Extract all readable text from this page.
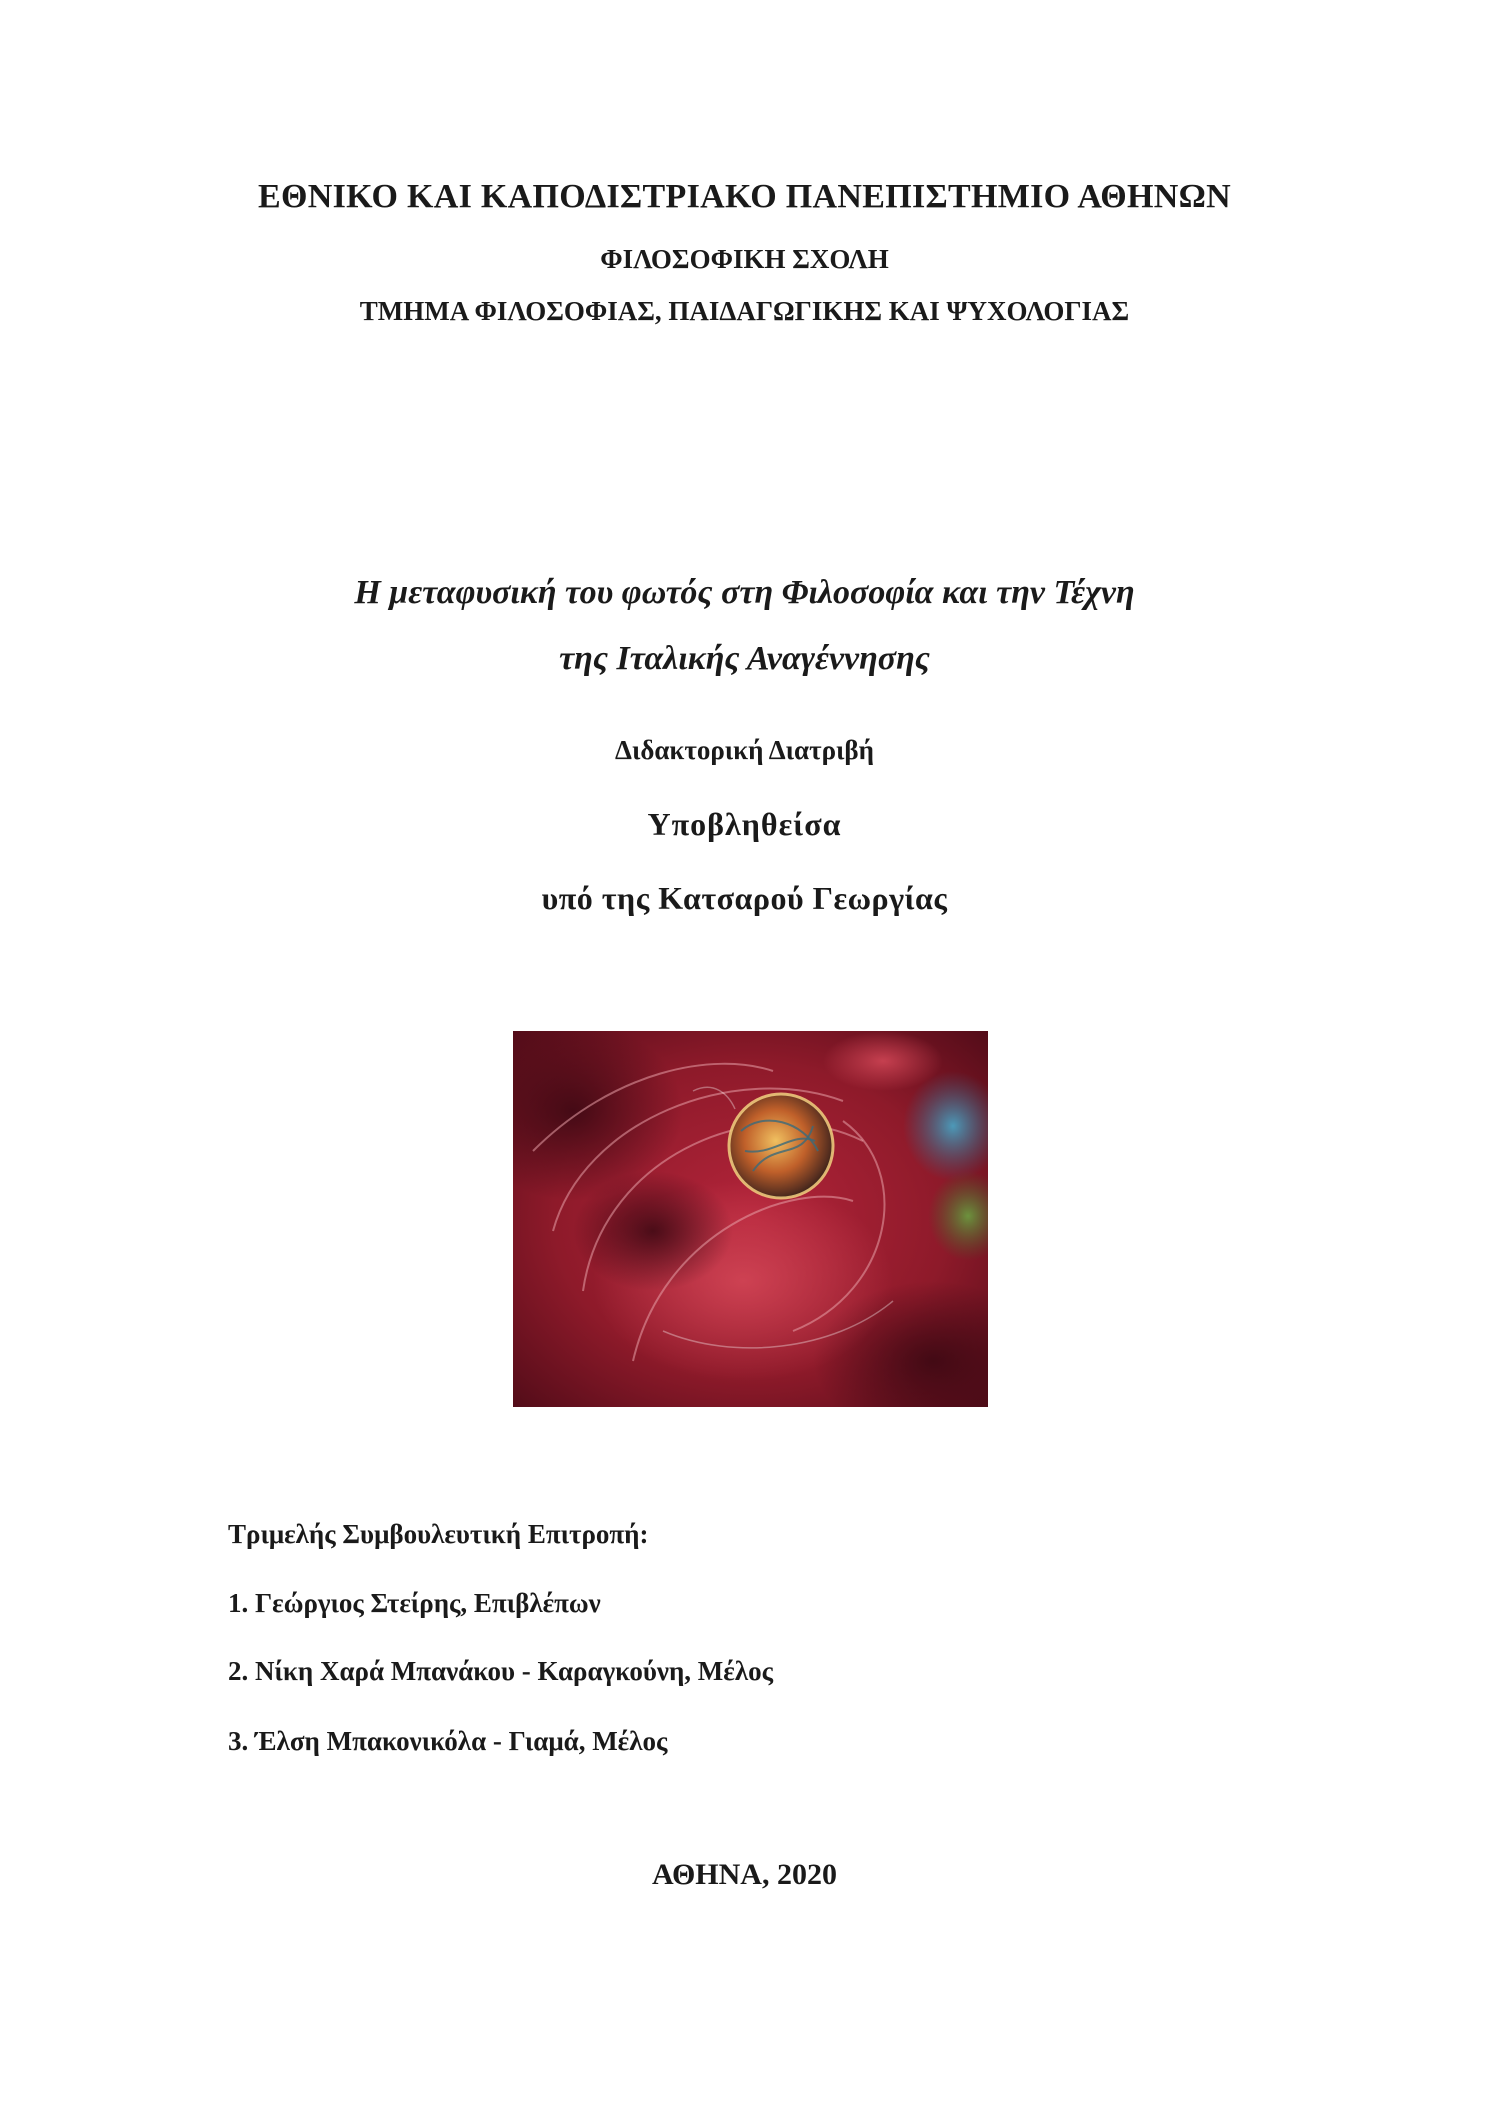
ΕΘΝΙΚΟ ΚΑΙ ΚΑΠΟΔΙΣΤΡΙΑΚΟ ΠΑΝΕΠΙΣΤΗΜΙΟ ΑΘΗΝΩΝ
ΦΙΛΟΣΟΦΙΚΗ ΣΧΟΛΗ
ΤΜΗΜΑ ΦΙΛΟΣΟΦΙΑΣ, ΠΑΙΔΑΓΩΓΙΚΗΣ ΚΑΙ ΨΥΧΟΛΟΓΙΑΣ
Η μεταφυσική του φωτός στη Φιλοσοφία και την Τέχνη
της Ιταλικής Αναγέννησης
Διδακτορική Διατριβή
Υποβληθείσα
υπό της Κατσαρού Γεωργίας
Τριμελής Συμβουλευτική Επιτροπή:
1. Γεώργιος Στείρης, Επιβλέπων
2. Νίκη Χαρά Μπανάκου - Καραγκούνη, Μέλος
3. Έλση Μπακονικόλα - Γιαμά, Μέλος
ΑΘΗΝΑ, 2020
